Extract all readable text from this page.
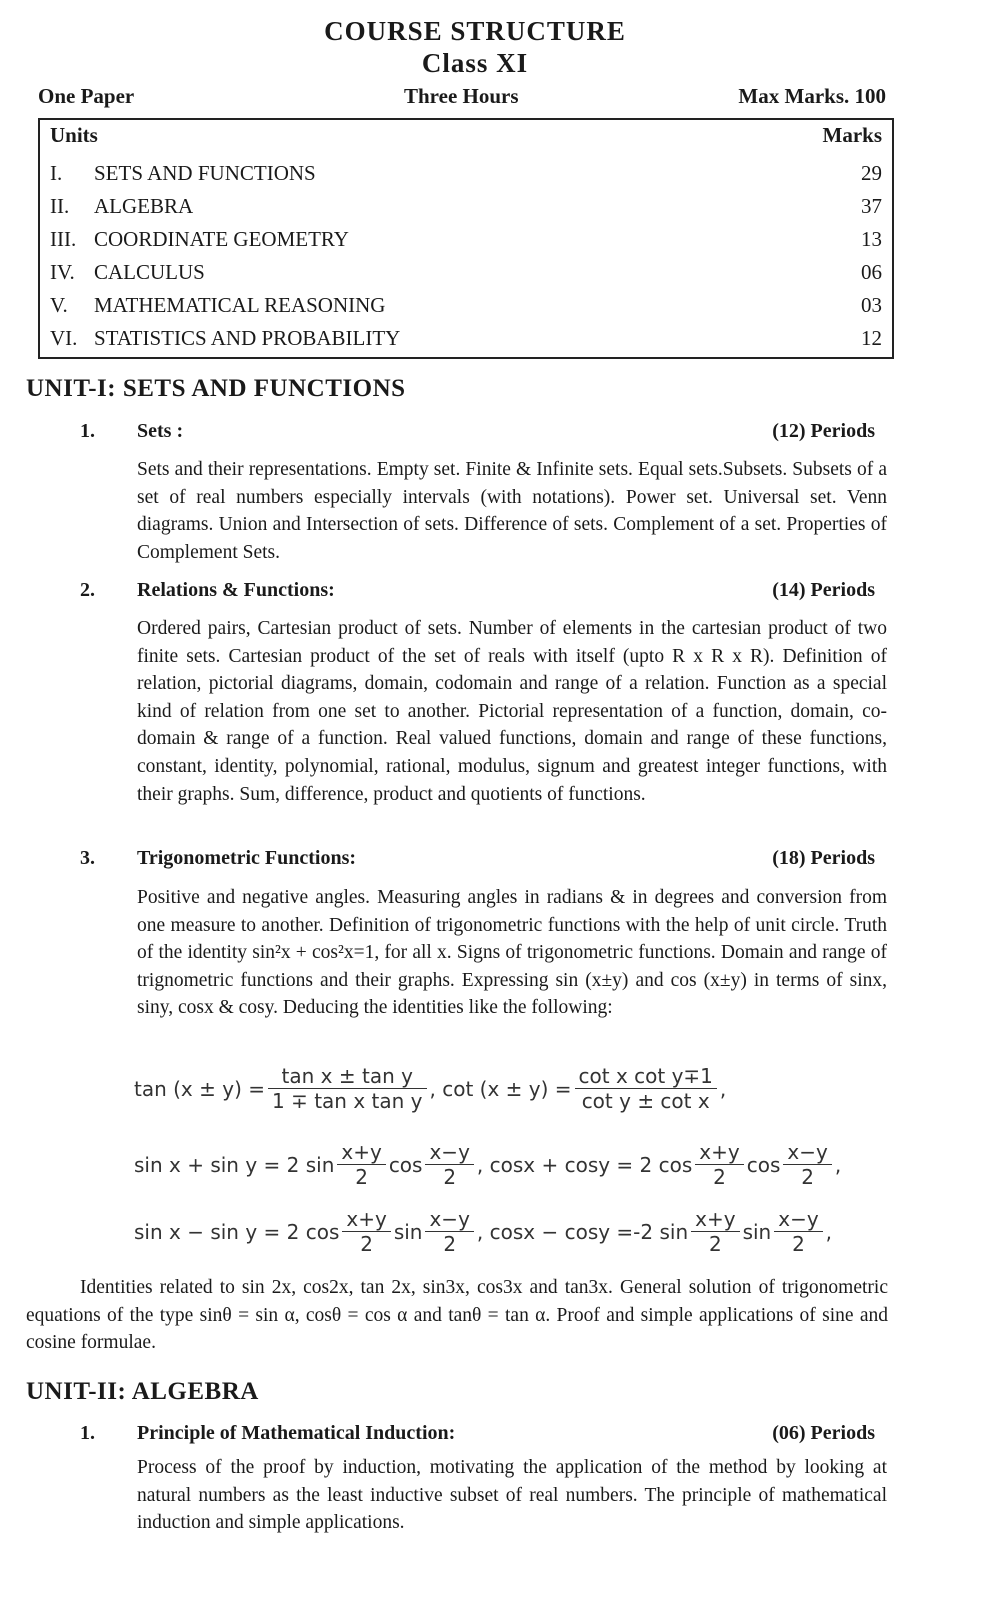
COURSE STRUCTURE
Class XI
One Paper	Three Hours	Max Marks. 100
Units	Marks
I. SETS AND FUNCTIONS	29
II. ALGEBRA	37
III. COORDINATE GEOMETRY	13
IV. CALCULUS	06
V. MATHEMATICAL REASONING	03
VI. STATISTICS AND PROBABILITY	12
UNIT-I: SETS AND FUNCTIONS
1. Sets :	(12) Periods
Sets and their representations. Empty set. Finite & Infinite sets. Equal sets.Subsets. Subsets of a set of real numbers especially intervals (with notations). Power set. Universal set. Venn diagrams. Union and Intersection of sets. Difference of sets. Complement of a set. Properties of Complement Sets.
2. Relations & Functions:	(14) Periods
Ordered pairs, Cartesian product of sets. Number of elements in the cartesian product of two finite sets. Cartesian product of the set of reals with itself (upto R x R x R). Definition of relation, pictorial diagrams, domain, codomain and range of a relation. Function as a special kind of relation from one set to another. Pictorial representation of a function, domain, co-domain & range of a function. Real valued functions, domain and range of these functions, constant, identity, polynomial, rational, modulus, signum and greatest integer functions, with their graphs. Sum, difference, product and quotients of functions.
3. Trigonometric Functions:	(18) Periods
Positive and negative angles. Measuring angles in radians & in degrees and conversion from one measure to another. Definition of trigonometric functions with the help of unit circle. Truth of the identity sin²x + cos²x=1, for all x. Signs of trigonometric functions. Domain and range of trignometric functions and their graphs. Expressing sin (x±y) and cos (x±y) in terms of sinx, siny, cosx & cosy. Deducing the identities like the following:
$\tan (x \pm y) = \frac{\text{tan x ± tan y}}{\text{1 ∓ tan x tan y}}$ , $\cot (x \pm y) = \frac{\text{cot x cot y∓1}}{\text{cot y ± cot x}}$ ,
sin x + sin y = 2 $\sin \frac{x+y}{2}$ $\cos \frac{x-y}{2}$ , cosx + cosy = 2 $\cos \frac{x+y}{2}$ $\cos \frac{x-y}{2}$ ,
sin x − sin y = 2 $\cos \frac{x+y}{2}$ $\sin \frac{x-y}{2}$ , cosx − cosy =-2 $\sin \frac{x+y}{2}$ $\sin \frac{x-y}{2}$ ,
Identities related to sin 2x, cos2x, tan 2x, sin3x, cos3x and tan3x. General solution of trigonometric equations of the type sinθ = sin α, cosθ = cos α and tanθ = tan α. Proof and simple applications of sine and cosine formulae.
UNIT-II: ALGEBRA
1. Principle of Mathematical Induction:	(06) Periods
Process of the proof by induction, motivating the application of the method by looking at natural numbers as the least inductive subset of real numbers. The principle of mathematical induction and simple applications.
